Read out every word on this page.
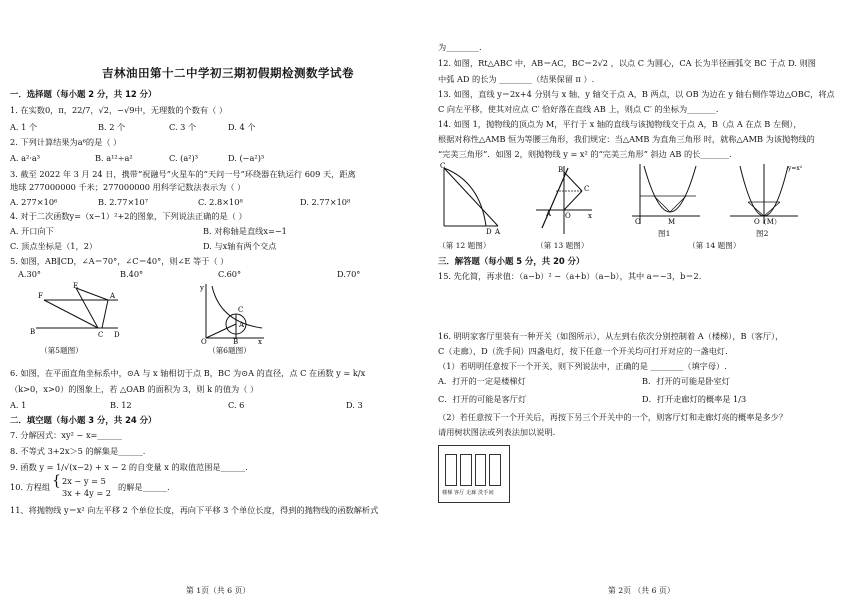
吉林油田第十二中学初三期初假期检测数学试卷
一．选择题（每小题 2 分，共 12 分）
1. 在实数0，π，22/7，√2，−√9中，无理数的个数有（ ）
A. 1 个	B. 2 个	C. 3 个	D. 4 个
2. 下列计算结果为a⁶的是（ ）
A. a²·a³	B. a¹²÷a²	C. (a²)³	D. (−a²)³
3. 截至 2022 年 3 月 24 日，携带“祝融号”火星车的“天问一号”环绕器在轨运行 609 天，距离
地球 277000000 千米；277000000 用科学记数法表示为（ ）
A. 277×10⁶	B. 2.77×10⁷	C. 2.8×10⁸	D. 2.77×10⁸
4. 对于二次函数y=（x−1）²+2的图象，下列说法正确的是（ ）
A. 开口向下	B. 对称轴是直线x=−1
C. 顶点坐标是（1，2）	D. 与x轴有两个交点
5. 如图，AB∥CD，∠A＝70°，∠C＝40°，则∠E 等于（ ）
A.30°	B.40°	C.60°	D.70°
E
F	A
B	C D
（第5题图）
y
C
A
O	B	x
（第6题图）
6. 如图，在平面直角坐标系中，⊙A 与 x 轴相切于点 B，BC 为⊙A 的直径，点 C 在函数 y = k/x
（k>0，x>0）的图象上，若 △OAB 的面积为 3，则 k 的值为（ ）
A. 1	B. 12	C. 6	D. 3
二．填空题（每小题 3 分，共 24 分）
7. 分解因式：xy² − x=______
8. 不等式 3+2x＞5 的解集是______.
9. 函数 y = 1/√(x−2) + x − 2 的自变量 x 的取值范围是______.
10. 方程组 { 2x − y = 5
3x + 4y = 2
的解是______.
11、将抛物线 y＝x² 向左平移 2 个单位长度，再向下平移 3 个单位长度，得到的抛物线的函数解析式
第 1页（共 6 页）
为________.
12. 如图，Rt△ABC 中，AB＝AC，BC＝2√2 ，以点 C 为圆心，CA 长为半径画弧交 BC 于点 D. 则图
中弧 AD 的长为 ________（结果保留 π ）.
13. 如图，直线 y＝2x+4 分别与 x 轴、y 轴交于点 A，B 两点，以 OB 为边在 y 轴右侧作等边△OBC，将点
C 向左平移，使其对应点 C′ 恰好落在直线 AB 上，则点 C′ 的坐标为_______.
14. 如图 1，抛物线的顶点为 M，平行于 x 轴的直线与该抛物线交于点 A，B（点 A 在点 B 左侧），
根据对称性△AMB 恒为等腰三角形，我们规定：当△AMB 为直角三角形 时，就称△AMB 为该抛物线的
“完美三角形”．如图 2，则抛物线 y = x² 的“完美三角形” 斜边 AB 的长_______.
C
D A
（第 12 题图）
B
C
A O x
（第 13 题图）
O	M
图1
y=x²
O（M）
图2
（第 14 题图）
三．解答题（每小题 5 分，共 20 分）
15. 先化简，再求值：（a−b）² −（a+b）（a−b），其中 a＝−3，b＝2.
16. 明明家客厅里装有一种开关（如图所示），从左到右依次分别控制着 A（楼梯），B（客厅），
C（走廊），D（洗手间）四盏电灯，按下任意一个开关均可打开对应的一盏电灯．
（1）若明明任意按下一个开关，则下列说法中，正确的是 ________（填字母）.
A．打开的一定是楼梯灯	B．打开的可能是卧室灯
C．打开的可能是客厅灯	D．打开走廊灯的概率是 1/3
（2）若任意按下一个开关后，再按下另三个开关中的一个，则客厅灯和走廊灯亮的概率是多少？
请用树状图法或列表法加以说明.
楼梯 客厅 走廊 洗手间
第 2页 （共 6 页）
